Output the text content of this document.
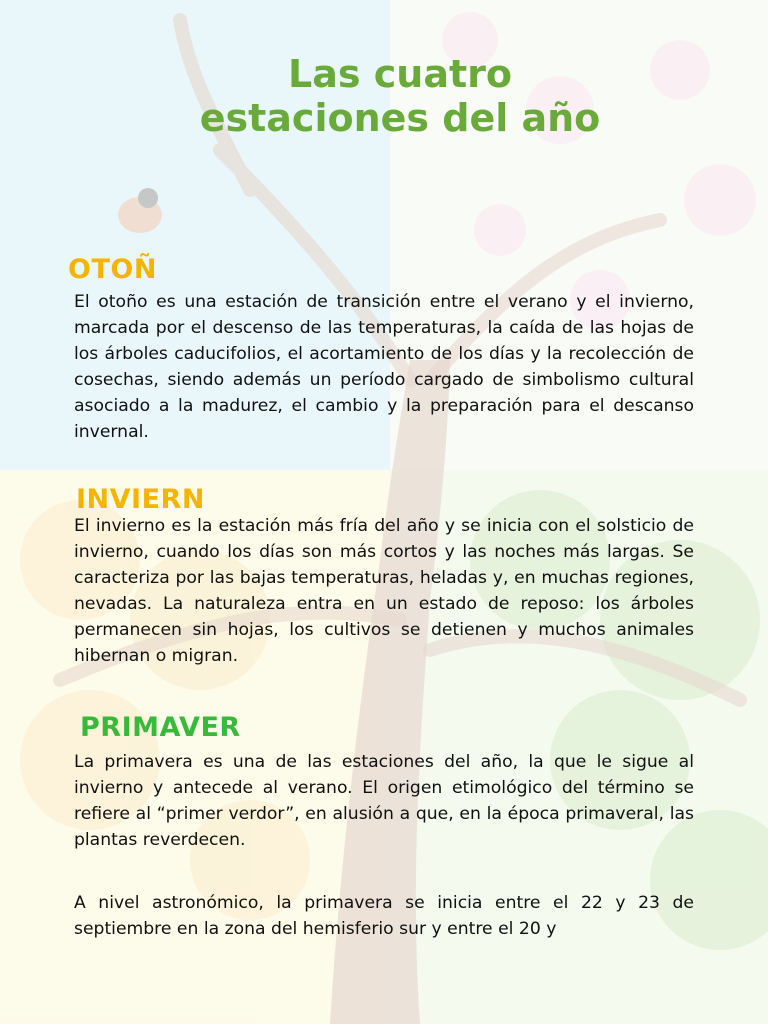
Las cuatro
estaciones del año
OTOÑ

El otoño es una estación de transición entre el verano y el invierno, marcada por el descenso de las temperaturas, la caída de las hojas de los árboles caducifolios, el acortamiento de los días y la recolección de cosechas, siendo además un período cargado de simbolismo cultural asociado a la madurez, el cambio y la preparación para el descanso invernal.

INVIERN

El invierno es la estación más fría del año y se inicia con el solsticio de invierno, cuando los días son más cortos y las noches más largas. Se caracteriza por las bajas temperaturas, heladas y, en muchas regiones, nevadas. La naturaleza entra en un estado de reposo: los árboles permanecen sin hojas, los cultivos se detienen y muchos animales hibernan o migran.

PRIMAVER

La primavera es una de las estaciones del año, la que le sigue al invierno y antecede al verano. El origen etimológico del término se refiere al “primer verdor”, en alusión a que, en la época primaveral, las plantas reverdecen.

A nivel astronómico, la primavera se inicia entre el 22 y 23 de septiembre en la zona del hemisferio sur y entre el 20 y
